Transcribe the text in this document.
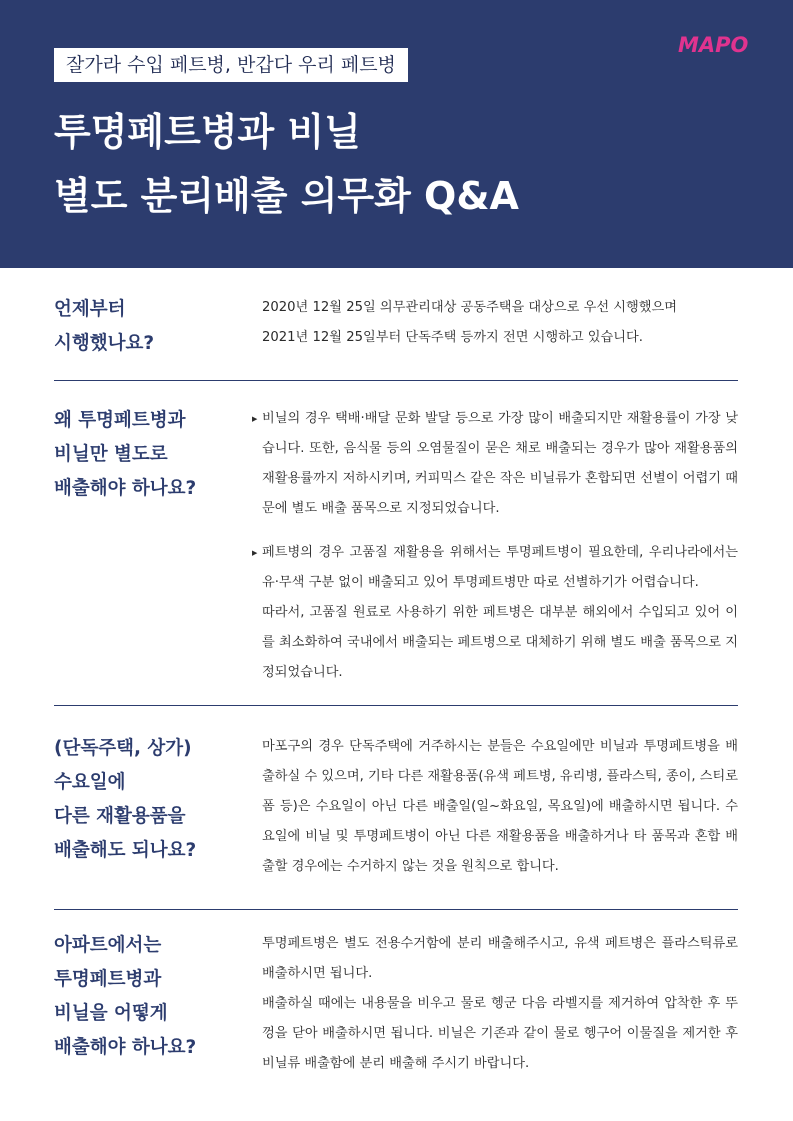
잘가라 수입 페트병, 반갑다 우리 페트병
투명페트병과 비닐
별도 분리배출 의무화 Q&A
MAPO
언제부터
시행했나요?

2020년 12월 25일 의무관리대상 공동주택을 대상으로 우선 시행했으며

2021년 12월 25일부터 단독주택 등까지 전면 시행하고 있습니다.

왜 투명페트병과
비닐만 별도로
배출해야 하나요?

▶ 비닐의 경우 택배·배달 문화 발달 등으로 가장 많이 배출되지만 재활용률이 가장 낮습니다. 또한, 음식물 등의 오염물질이 묻은 채로 배출되는 경우가 많아 재활용품의 재활용률까지 저하시키며, 커피믹스 같은 작은 비닐류가 혼합되면 선별이 어렵기 때문에 별도 배출 품목으로 지정되었습니다.

▶ 페트병의 경우 고품질 재활용을 위해서는 투명페트병이 필요한데, 우리나라에서는 유·무색 구분 없이 배출되고 있어 투명페트병만 따로 선별하기가 어렵습니다.

따라서, 고품질 원료로 사용하기 위한 페트병은 대부분 해외에서 수입되고 있어 이를 최소화하여 국내에서 배출되는 페트병으로 대체하기 위해 별도 배출 품목으로 지정되었습니다.

(단독주택, 상가)
수요일에
다른 재활용품을
배출해도 되나요?

마포구의 경우 단독주택에 거주하시는 분들은 수요일에만 비닐과 투명페트병을 배출하실 수 있으며, 기타 다른 재활용품(유색 페트병, 유리병, 플라스틱, 종이, 스티로폼 등)은 수요일이 아닌 다른 배출일(일~화요일, 목요일)에 배출하시면 됩니다. 수요일에 비닐 및 투명페트병이 아닌 다른 재활용품을 배출하거나 타 품목과 혼합 배출할 경우에는 수거하지 않는 것을 원칙으로 합니다.

아파트에서는
투명페트병과
비닐을 어떻게
배출해야 하나요?

투명페트병은 별도 전용수거함에 분리 배출해주시고, 유색 페트병은 플라스틱류로 배출하시면 됩니다.

배출하실 때에는 내용물을 비우고 물로 헹군 다음 라벨지를 제거하여 압착한 후 뚜껑을 닫아 배출하시면 됩니다. 비닐은 기존과 같이 물로 헹구어 이물질을 제거한 후 비닐류 배출함에 분리 배출해 주시기 바랍니다.
